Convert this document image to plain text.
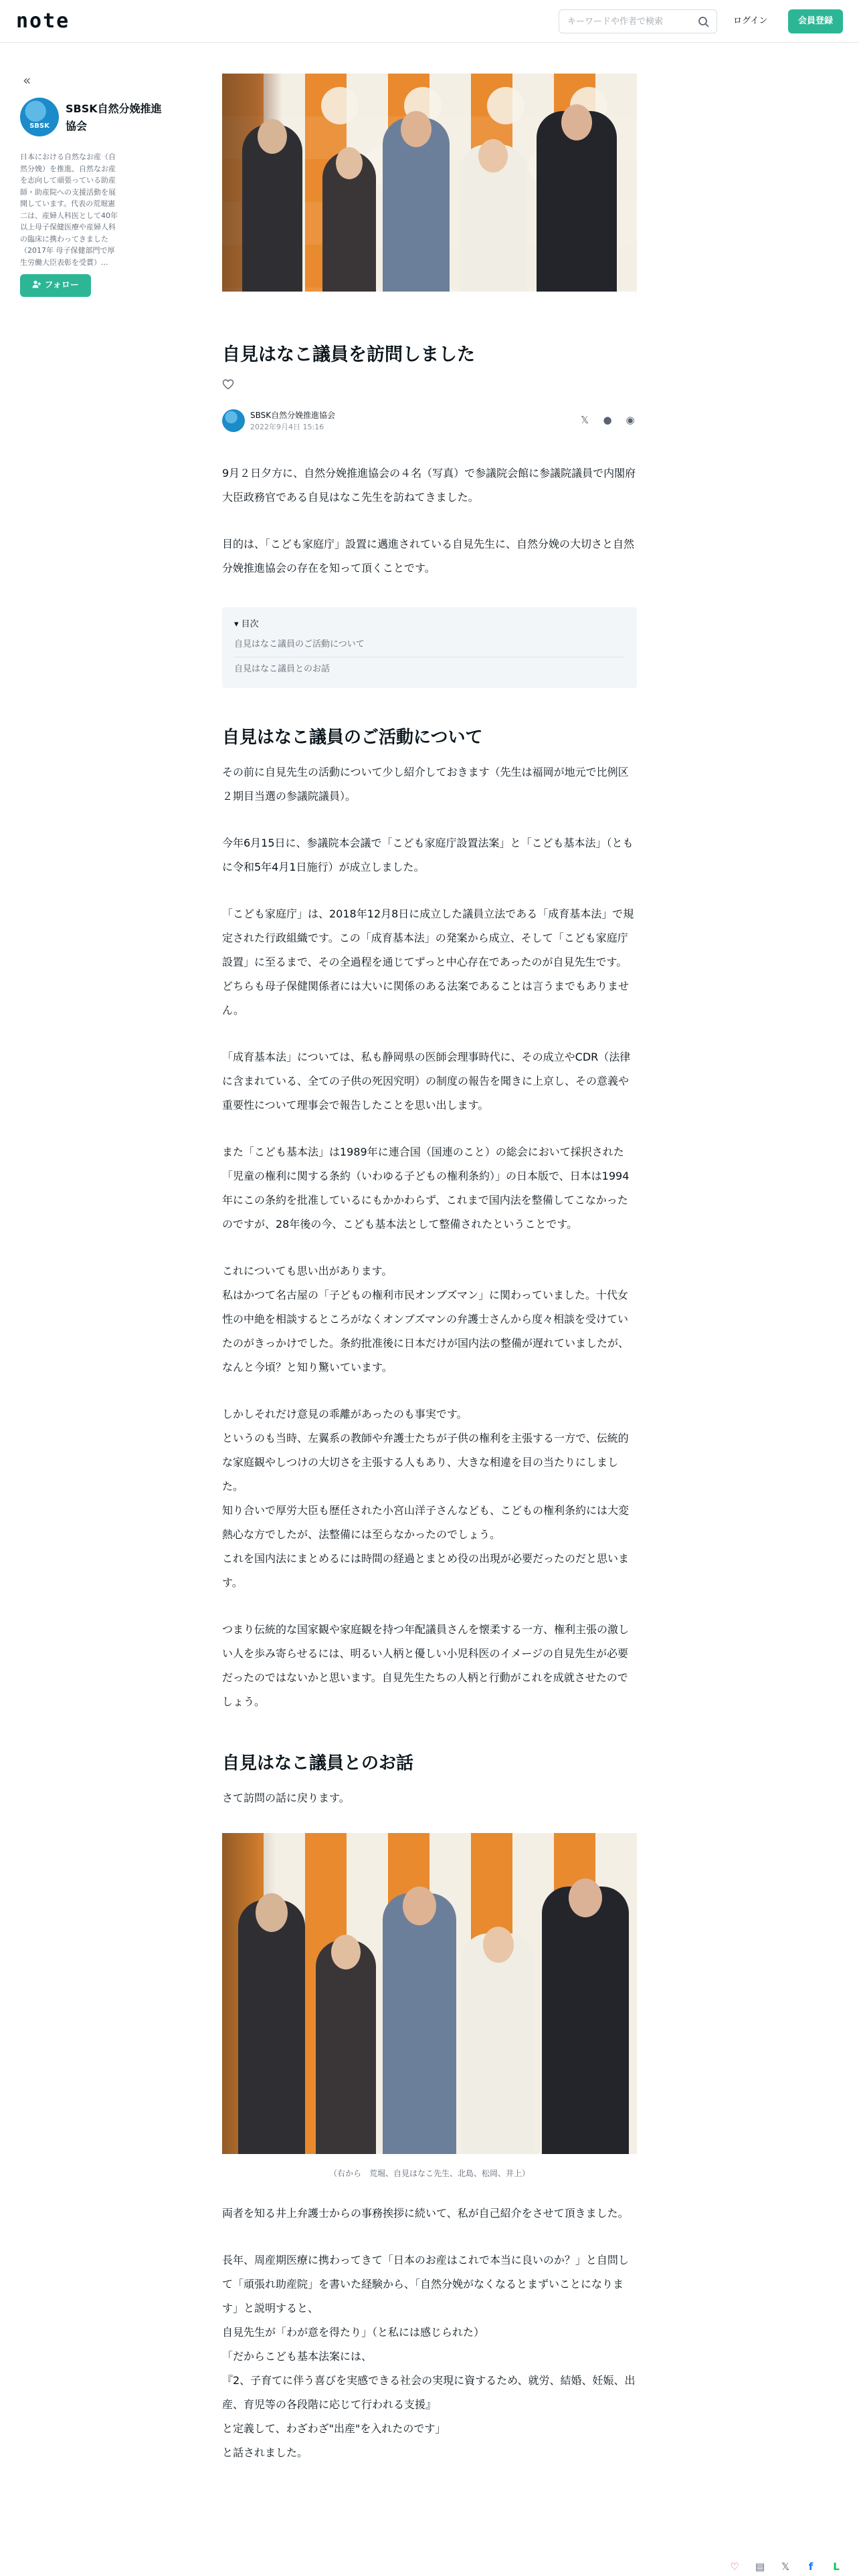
note
キーワードや作者で検索	ログイン	会員登録
«
SBSK
SBSK自然分娩推進協会
日本における自然なお産（自然分娩）を推進、自然なお産を志向して頑張っている助産師・助産院への支援活動を展開しています。代表の荒堀憲二は、産婦人科医として40年以上母子保健医療や産婦人科の臨床に携わってきました（2017年 母子保健部門で厚生労働大臣表彰を受賞）...
フォロー
自見はなこ議員を訪問しました
SBSK自然分娩推進協会
2022年9月4日 15:16
𝕏 ● ◉

9月２日夕方に、自然分娩推進協会の４名（写真）で参議院会館に参議院議員で内閣府大臣政務官である自見はなこ先生を訪ねてきました。

目的は、「こども家庭庁」設置に邁進されている自見先生に、自然分娩の大切さと自然分娩推進協会の存在を知って頂くことです。

▾ 目次
自見はなこ議員のご活動について
自見はなこ議員とのお話
自見はなこ議員のご活動について

その前に自見先生の活動について少し紹介しておきます（先生は福岡が地元で比例区２期目当選の参議院議員）。

今年6月15日に、参議院本会議で「こども家庭庁設置法案」と「こども基本法」（ともに令和5年4月1日施行）が成立しました。

「こども家庭庁」は、2018年12月8日に成立した議員立法である「成育基本法」で規定された行政組織です。この「成育基本法」の発案から成立、そして「こども家庭庁設置」に至るまで、その全過程を通じてずっと中心存在であったのが自見先生です。どちらも母子保健関係者には大いに関係のある法案であることは言うまでもありません。

「成育基本法」については、私も静岡県の医師会理事時代に、その成立やCDR（法律に含まれている、全ての子供の死因究明）の制度の報告を聞きに上京し、その意義や重要性について理事会で報告したことを思い出します。

また「こども基本法」は1989年に連合国（国連のこと）の総会において採択された「児童の権利に関する条約（いわゆる子どもの権利条約）」の日本版で、日本は1994年にこの条約を批准しているにもかかわらず、これまで国内法を整備してこなかったのですが、28年後の今、こども基本法として整備されたということです。

これについても思い出があります。
私はかつて名古屋の「子どもの権利市民オンブズマン」に関わっていました。十代女性の中絶を相談するところがなくオンブズマンの弁護士さんから度々相談を受けていたのがきっかけでした。条約批准後に日本だけが国内法の整備が遅れていましたが、なんと今頃？と知り驚いています。

しかしそれだけ意見の乖離があったのも事実です。
というのも当時、左翼系の教師や弁護士たちが子供の権利を主張する一方で、伝統的な家庭観やしつけの大切さを主張する人もあり、大きな相違を目の当たりにしました。
知り合いで厚労大臣も歴任された小宮山洋子さんなども、こどもの権利条約には大変熱心な方でしたが、法整備には至らなかったのでしょう。
これを国内法にまとめるには時間の経過とまとめ役の出現が必要だったのだと思います。

つまり伝統的な国家観や家庭観を持つ年配議員さんを懐柔する一方、権利主張の激しい人を歩み寄らせるには、明るい人柄と優しい小児科医のイメージの自見先生が必要だったのではないかと思います。自見先生たちの人柄と行動がこれを成就させたのでしょう。

自見はなこ議員とのお話

さて訪問の話に戻ります。

（右から　荒堀、自見はなこ先生、北島、松岡、井上）

両者を知る井上弁護士からの事務挨拶に続いて、私が自己紹介をさせて頂きました。

長年、周産期医療に携わってきて「日本のお産はこれで本当に良いのか？」と自問して「頑張れ助産院」を書いた経験から、「自然分娩がなくなるとまずいことになります」と説明すると、
自見先生が「わが意を得たり」（と私には感じられた）
「だからこども基本法案には、
『2、子育てに伴う喜びを実感できる社会の実現に資するため、就労、結婚、妊娠、出産、育児等の各段階に応じて行われる支援』
と定義して、わざわざ"出産"を入れたのです」
と話されました。

♡ ▤ 𝕏	f	L
